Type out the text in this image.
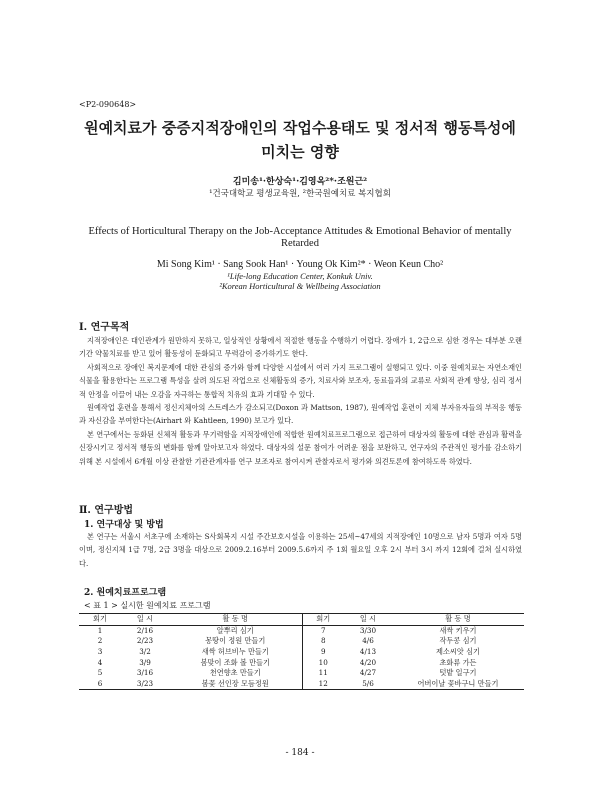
<P2-090648>
원예치료가 중증지적장애인의 작업수용태도 및 정서적 행동특성에
미치는 영향
김미송¹·한상숙¹·김영옥²*·조원근²
¹건국대학교 평생교육원, ²한국원예치료 복지협회
Effects of Horticultural Therapy on the Job-Acceptance Attitudes & Emotional Behavior of mentally Retarded
Mi Song Kim¹ · Sang Sook Han¹ · Young Ok Kim²* · Weon Keun Cho²
¹Life-long Education Center, Konkuk Univ.
²Korean Horticultural & Wellbeing Association
Ⅰ. 연구목적
지적장애인은 대인관계가 원만하지 못하고, 일상적인 상황에서 적절한 행동을 수행하기 어렵다. 장애가 1, 2급으로 심한 경우는 대부분 오랜 기간 약물치료를 받고 있어 활동성이 둔화되고 무력감이 증가하기도 한다.
사회적으로 장애인 복지문제에 대한 관심의 증가와 함께 다양한 시설에서 여러 가지 프로그램이 실행되고 있다. 이중 원예치료는 자연소재인 식물을 활용한다는 프로그램 특성을 살려 의도된 작업으로 신체활동의 증가, 치료사와 보조자, 동료들과의 교류로 사회적 관계 향상, 심리 정서적 안정을 이끌어 내는 오감을 자극하는 통합적 치유의 효과 기대할 수 있다.
원예작업 훈련을 통해서 정신지체아의 스트레스가 감소되고(Doxon 과 Mattson, 1987), 원예작업 훈련이 지체 부자유자들의 부적응 행동과 자신감을 부여한다는(Airhart 와 Kahtleen, 1990) 보고가 있다.
본 연구에서는 등화된 신체적 활동과 무기력함을 지적장애인에 적합한 원예치료프로그램으로 접근하여 대상자의 활동에 대한 관심과 활력을 신장시키고 정서적 행동의 변화를 함께 알아보고자 하였다. 대상자의 설문 참여가 어려운 점을 보완하고, 연구자의 주관적인 평가를 감소하기 위해 본 시설에서 6개월 이상 관찰한 기관관계자를 연구 보조자로 참여시켜 관찰자로서 평가와 의견토론에 참여하도록 하였다.
Ⅱ. 연구방법
1. 연구대상 및 방법
본 연구는 서울시 서초구에 소재하는 S사회복지 시설 주간보호시설을 이용하는 25세~47세의 지적장애인 10명으로 남자 5명과 여자 5명이며, 정신지체 1급 7명, 2급 3명을 대상으로 2009.2.16부터 2009.5.6까지 주 1회 월요일 오후 2시 부터 3시 까지 12회에 걸쳐 실시하였다.
2. 원예치료프로그램
< 표 1 > 실시한 원예치료 프로그램
회기	일 시	활 동 명	회기	일 시	활 동 명
1	2/16	알뿌리 심기	7	3/30	새싹 키우기
2	2/23	몽땅이 정원 만들기	8	4/6	작두콩 심기
3	3/2	새싹 허브비누 만들기	9	4/13	제소씨앗 심기
4	3/9	봄맞이 조화 볼 만들기	10	4/20	초화류 가든
5	3/16	천연향초 만들기	11	4/27	텃밭 일구기
6	3/23	봄꽃 선인장 모듬정원	12	5/6	어버이날 꽃바구니 만들기
- 184 -
